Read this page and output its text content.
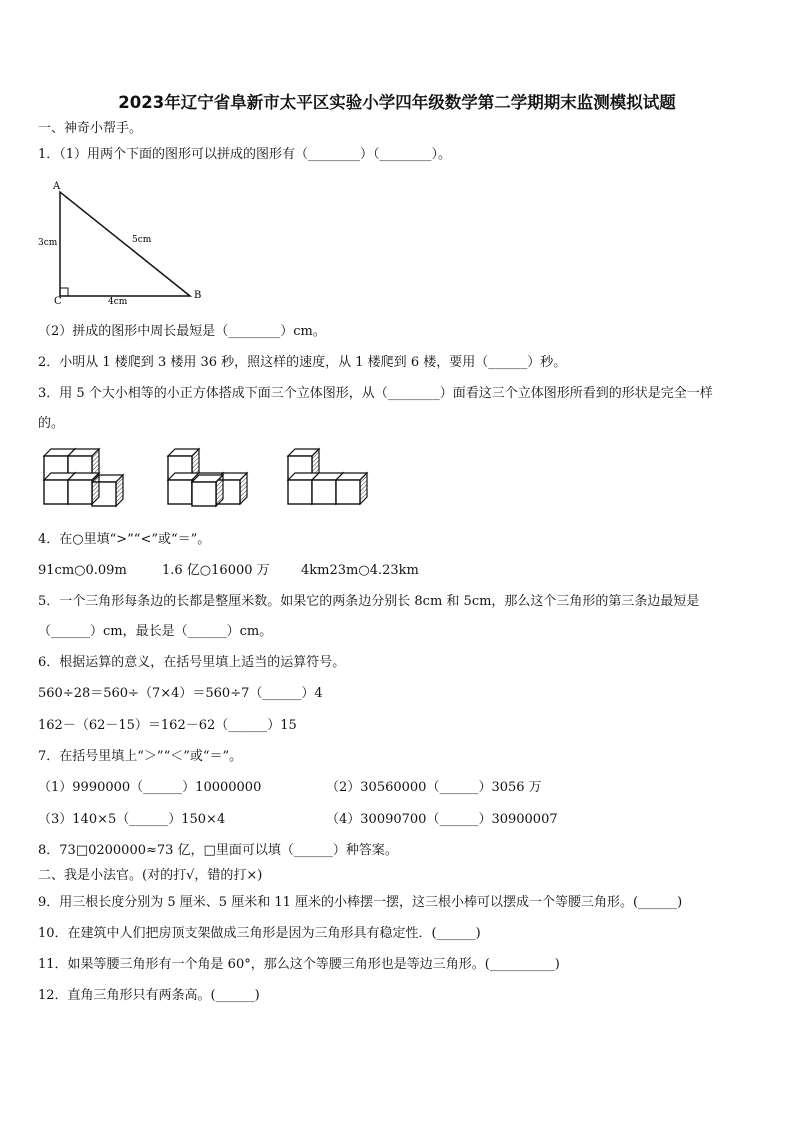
2023年辽宁省阜新市太平区实验小学四年级数学第二学期期末监测模拟试题
一、神奇小帮手。
1．（1）用两个下面的图形可以拼成的图形有（________）（________）。
A
C
B
3cm	5cm
4cm
（2）拼成的图形中周长最短是（________）cm。
2．小明从 1 楼爬到 3 楼用 36 秒，照这样的速度，从 1 楼爬到 6 楼，要用（______）秒。
3．用 5 个大小相等的小正方体搭成下面三个立体图形，从（________）面看这三个立体图形所看到的形状是完全一样
的。
4．在○里填“>”“<”或“＝”。
91cm○0.09m	1.6 亿○16000 万 4km23m○4.23km
5．一个三角形每条边的长都是整厘米数。如果它的两条边分别长 8cm 和 5cm，那么这个三角形的第三条边最短是
（______）cm，最长是（______）cm。
6．根据运算的意义，在括号里填上适当的运算符号。
560÷28＝560÷（7×4）＝560÷7（______）4
162－（62－15）＝162－62（______）15
7．在括号里填上“＞”“＜”或“＝”。
（1）9990000（______）10000000	（2）30560000（______）3056 万
（3）140×5（______）150×4	（4）30090700（______）30900007
8．73□0200000≈73 亿，□里面可以填（______）种答案。
二、我是小法官。(对的打√，错的打×)
9．用三根长度分别为 5 厘米、5 厘米和 11 厘米的小棒摆一摆，这三根小棒可以摆成一个等腰三角形。(______)
10．在建筑中人们把房顶支架做成三角形是因为三角形具有稳定性．(______)
11．如果等腰三角形有一个角是 60°，那么这个等腰三角形也是等边三角形。(__________)
12．直角三角形只有两条高。(______)
